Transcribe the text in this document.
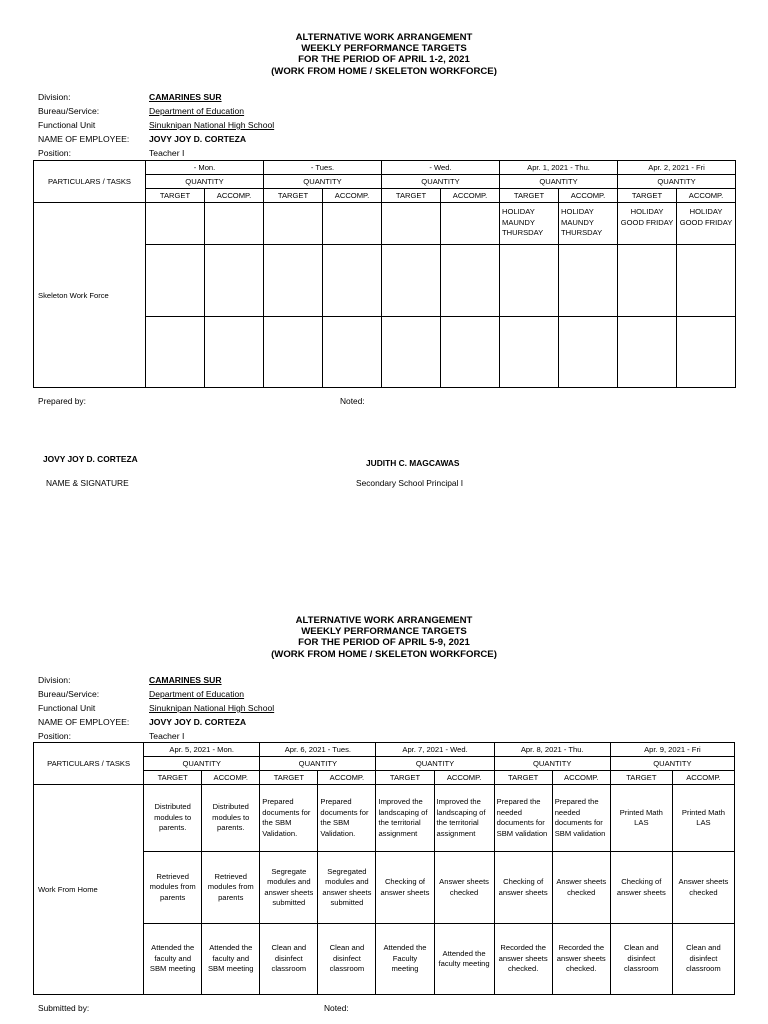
ALTERNATIVE WORK ARRANGEMENT
WEEKLY PERFORMANCE TARGETS
FOR THE PERIOD OF APRIL 1-2, 2021
(WORK FROM HOME / SKELETON WORKFORCE)
Division:	CAMARINES SUR
Bureau/Service:	Department of Education
Functional Unit	Sinuknipan National High School
NAME OF EMPLOYEE: JOVY JOY D. CORTEZA
Position:	Teacher I
PARTICULARS / TASKS	- Mon.		- Tues.		- Wed.		Apr. 1, 2021 - Thu.		Apr. 2, 2021 - Fri	
	QUANTITY		QUANTITY		QUANTITY		QUANTITY		QUANTITY	
	TARGET	ACCOMP.	TARGET	ACCOMP.	TARGET	ACCOMP.	TARGET	ACCOMP.	TARGET	ACCOMP.
Skeleton Work Force							HOLIDAY MAUNDY THURSDAY	HOLIDAY MAUNDY THURSDAY	HOLIDAY GOOD FRIDAY	HOLIDAY GOOD FRIDAY

Prepared by:	Noted:
JOVY JOY D. CORTEZA	JUDITH C. MAGCAWAS
NAME & SIGNATURE	Secondary School Principal I
ALTERNATIVE WORK ARRANGEMENT
WEEKLY PERFORMANCE TARGETS
FOR THE PERIOD OF APRIL 5-9, 2021
(WORK FROM HOME / SKELETON WORKFORCE)
Division:	CAMARINES SUR
Bureau/Service:	Department of Education
Functional Unit	Sinuknipan National High School
NAME OF EMPLOYEE: JOVY JOY D. CORTEZA
Position:	Teacher I
PARTICULARS / TASKS	Apr. 5, 2021 - Mon.		Apr. 6, 2021 - Tues.		Apr. 7, 2021 - Wed.		Apr. 8, 2021 - Thu.		Apr. 9, 2021 - Fri	
	QUANTITY		QUANTITY		QUANTITY		QUANTITY		QUANTITY	
	TARGET	ACCOMP.	TARGET	ACCOMP.	TARGET	ACCOMP.	TARGET	ACCOMP.	TARGET	ACCOMP.
Work From Home	Distributed modules to parents.	Distributed modules to parents.	Prepared documents for the SBM Validation.	Prepared documents for the SBM Validation.	Improved the landscaping of the territorial assignment	Improved the landscaping of the territorial assignment	Prepared the needed documents for SBM validation	Prepared the needed documents for SBM validation	Printed Math LAS	Printed Math LAS
	Retrieved modules from parents	Retrieved modules from parents	Segregate modules and answer sheets submitted	Segregated modules and answer sheets submitted	Checking of answer sheets	Answer sheets checked	Checking of answer sheets	Answer sheets checked	Checking of answer sheets	Answer sheets checked
	Attended the faculty and SBM meeting	Attended the faculty and SBM meeting	Clean and disinfect classroom	Clean and disinfect classroom	Attended the Faculty meeting	Attended the faculty meeting	Recorded the answer sheets checked.	Recorded the answer sheets checked.	Clean and disinfect classroom	Clean and disinfect classroom
Submitted by:	Noted:
